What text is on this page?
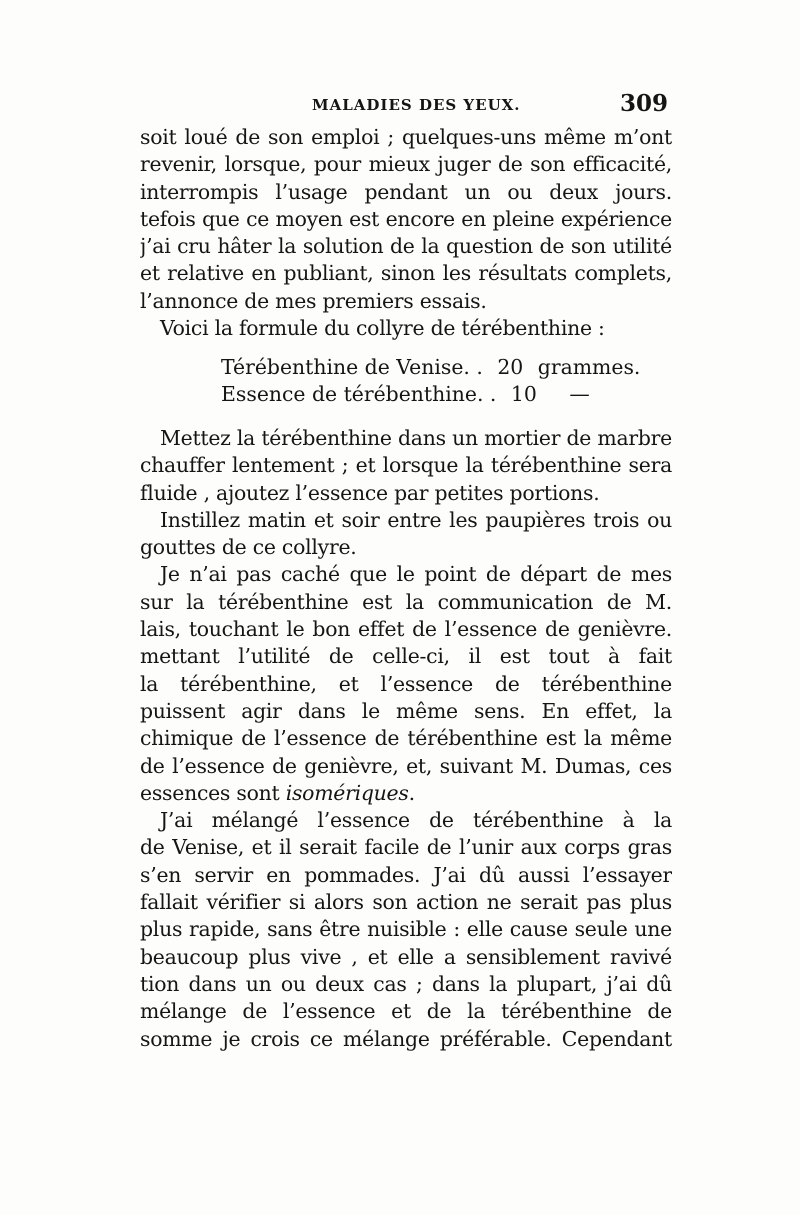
MALADIES DES YEUX.	309
soit loué de son emploi ; quelques-uns même m’ont
revenir, lorsque, pour mieux juger de son efficacité,
interrompis l’usage pendant un ou deux jours.
tefois que ce moyen est encore en pleine expérience
j’ai cru hâter la solution de la question de son utilité
et relative en publiant, sinon les résultats complets,
l’annonce de mes premiers essais.
Voici la formule du collyre de térébenthine :
Térébenthine de Venise. . 20 grammes.
Essence de térébenthine. . 10 —
Mettez la térébenthine dans un mortier de marbre
chauffer lentement ; et lorsque la térébenthine sera
fluide , ajoutez l’essence par petites portions.
Instillez matin et soir entre les paupières trois ou
gouttes de ce collyre.
Je n’ai pas caché que le point de départ de mes
sur la térébenthine est la communication de M.
lais, touchant le bon effet de l’essence de genièvre.
mettant l’utilité de celle-ci, il est tout à fait
la térébenthine, et l’essence de térébenthine
puissent agir dans le même sens. En effet, la
chimique de l’essence de térébenthine est la même
de l’essence de genièvre, et, suivant M. Dumas, ces
essences sont isomériques.
J’ai mélangé l’essence de térébenthine à la
de Venise, et il serait facile de l’unir aux corps gras
s’en servir en pommades. J’ai dû aussi l’essayer
fallait vérifier si alors son action ne serait pas plus
plus rapide, sans être nuisible : elle cause seule une
beaucoup plus vive , et elle a sensiblement ravivé
tion dans un ou deux cas ; dans la plupart, j’ai dû
mélange de l’essence et de la térébenthine de
somme je crois ce mélange préférable. Cependant
